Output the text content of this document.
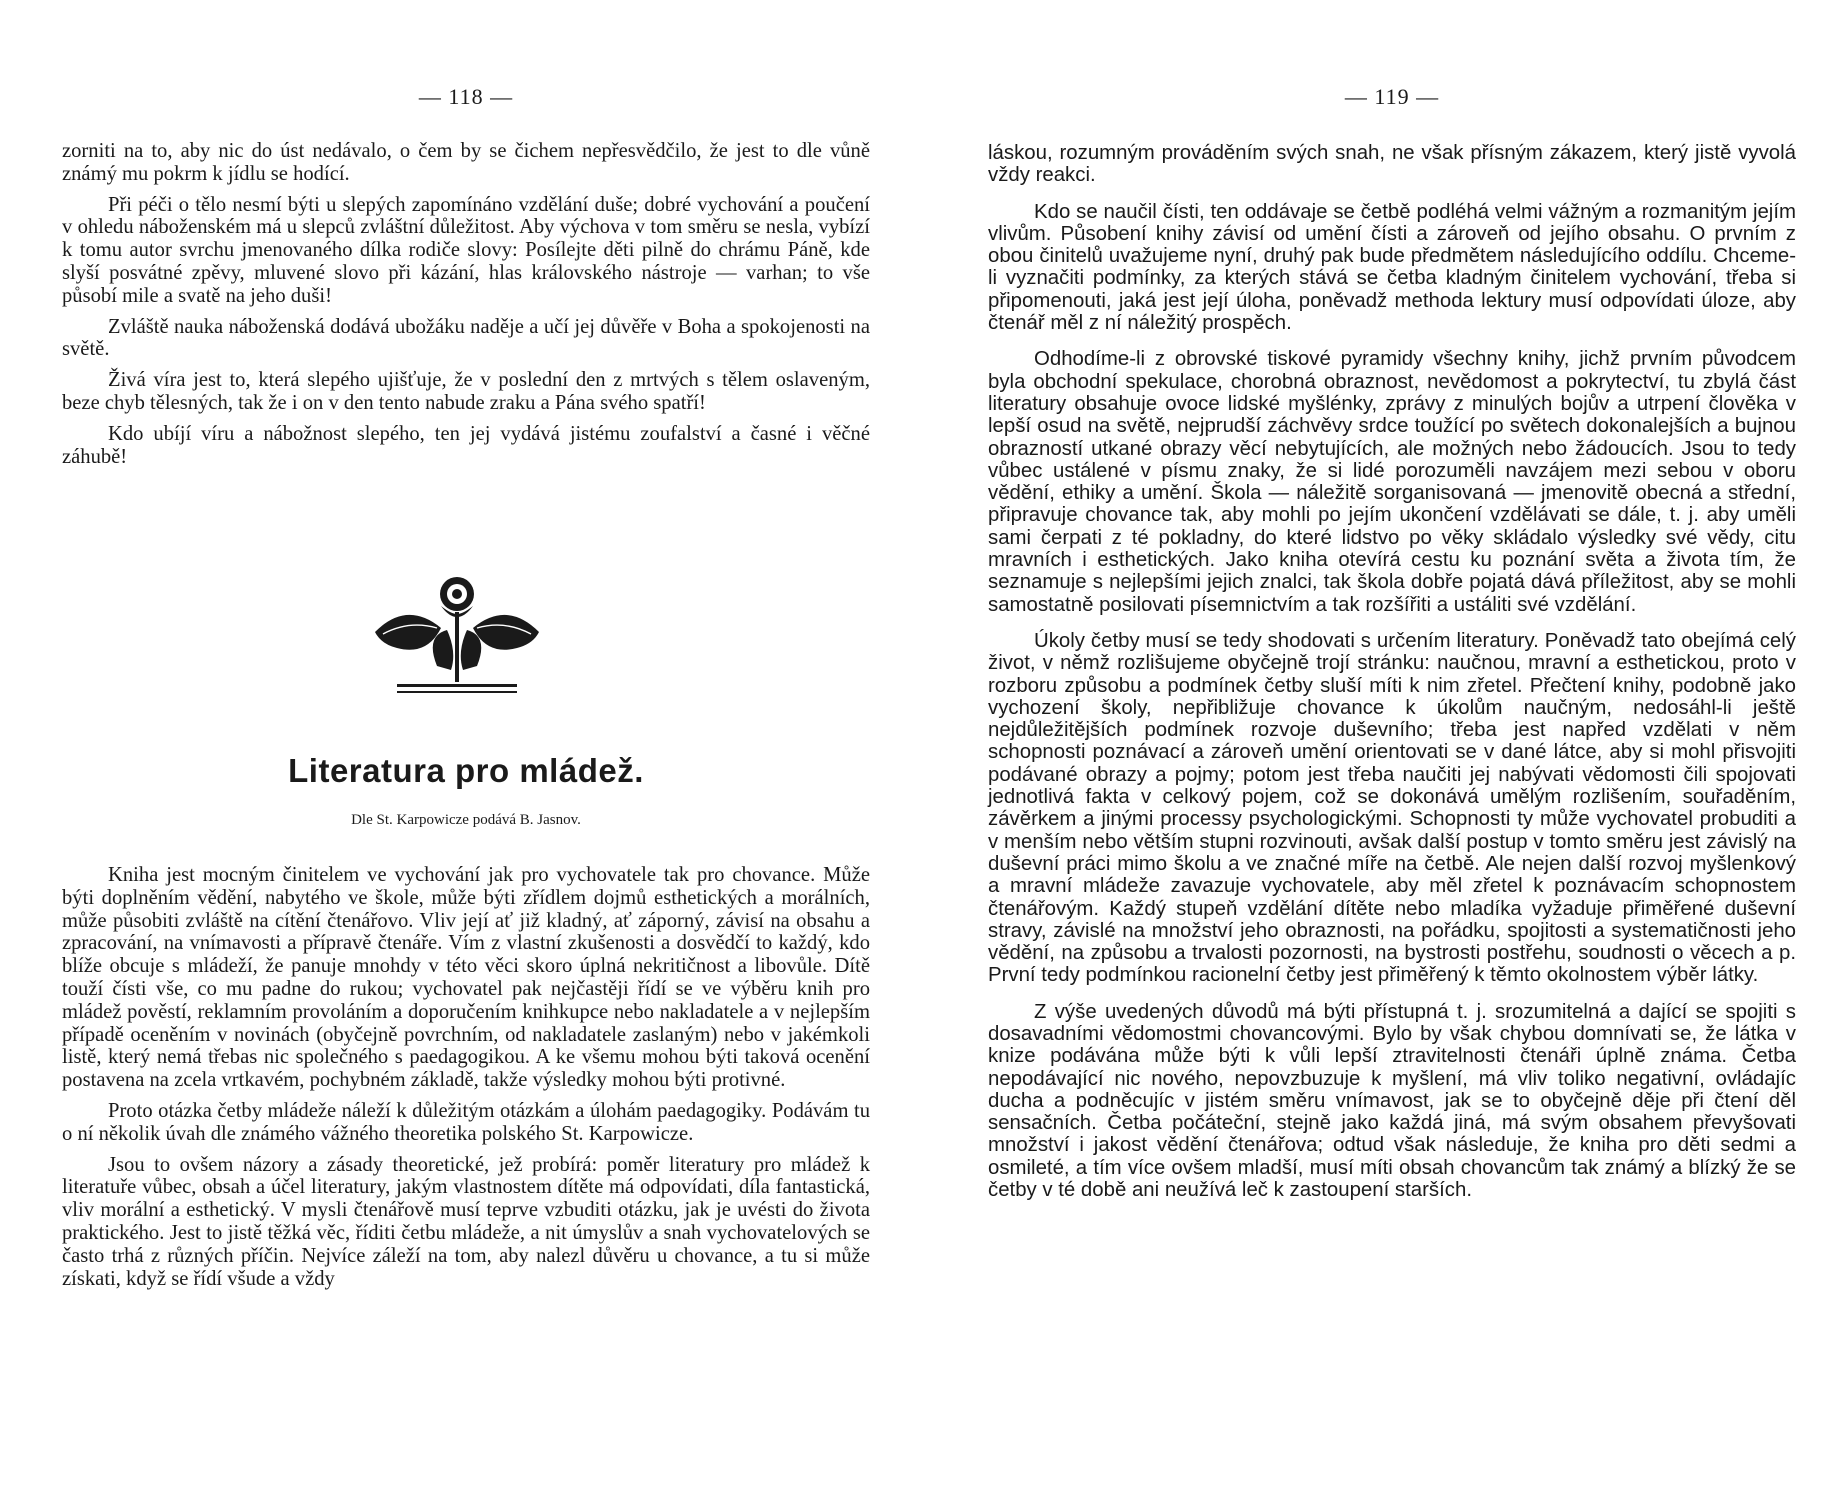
— 118 —

zorniti na to, aby nic do úst nedávalo, o čem by se čichem nepřesvědčilo, že jest to dle vůně známý mu pokrm k jídlu se hodící.

Při péči o tělo nesmí býti u slepých zapomínáno vzdělání duše; dobré vychování a poučení v ohledu náboženském má u slepců zvláštní důležitost. Aby výchova v tom směru se nesla, vybízí k tomu autor svrchu jmenovaného dílka rodiče slovy: Posílejte děti pilně do chrámu Páně, kde slyší posvátné zpěvy, mluvené slovo při kázání, hlas královského nástroje — varhan; to vše působí mile a svatě na jeho duši!

Zvláště nauka náboženská dodává ubožáku naděje a učí jej důvěře v Boha a spokojenosti na světě.

Živá víra jest to, která slepého ujišťuje, že v poslední den z mrtvých s tělem oslaveným, beze chyb tělesných, tak že i on v den tento nabude zraku a Pána svého spatří!

Kdo ubíjí víru a nábožnost slepého, ten jej vydává jistému zoufalství a časné i věčné záhubě!

Literatura pro mládež.
Dle St. Karpowicze podává B. Jasnov.

Kniha jest mocným činitelem ve vychování jak pro vychovatele tak pro chovance. Může býti doplněním vědění, nabytého ve škole, může býti zřídlem dojmů esthetických a morálních, může působiti zvláště na cítění čtenářovo. Vliv její ať již kladný, ať záporný, závisí na obsahu a zpracování, na vnímavosti a přípravě čtenáře. Vím z vlastní zkušenosti a dosvědčí to každý, kdo blíže obcuje s mládeží, že panuje mnohdy v této věci skoro úplná nekritičnost a libovůle. Dítě touží čísti vše, co mu padne do rukou; vychovatel pak nejčastěji řídí se ve výběru knih pro mládež pověstí, reklamním provoláním a doporučením knihkupce nebo nakladatele a v nejlepším případě oceněním v novinách (obyčejně povrchním, od nakladatele zaslaným) nebo v jakémkoli listě, který nemá třebas nic společného s paedagogikou. A ke všemu mohou býti taková ocenění postavena na zcela vrtkavém, pochybném základě, takže výsledky mohou býti protivné.

Proto otázka četby mládeže náleží k důležitým otázkám a úlohám paedagogiky. Podávám tu o ní několik úvah dle známého vážného theoretika polského St. Karpowicze.

Jsou to ovšem názory a zásady theoretické, jež probírá: poměr literatury pro mládež k literatuře vůbec, obsah a účel literatury, jakým vlastnostem dítěte má odpovídati, díla fantastická, vliv morální a esthetický. V mysli čtenářově musí teprve vzbuditi otázku, jak je uvésti do života praktického. Jest to jistě těžká věc, říditi četbu mládeže, a nit úmyslův a snah vychovatelových se často trhá z různých příčin. Nejvíce záleží na tom, aby nalezl důvěru u chovance, a tu si může získati, když se řídí všude a vždy

— 119 —

láskou, rozumným prováděním svých snah, ne však přísným zákazem, který jistě vyvolá vždy reakci.

Kdo se naučil čísti, ten oddávaje se četbě podléhá velmi vážným a rozmanitým jejím vlivům. Působení knihy závisí od umění čísti a zároveň od jejího obsahu. O prvním z obou činitelů uvažujeme nyní, druhý pak bude předmětem následujícího oddílu. Chceme-li vyznačiti podmínky, za kterých stává se četba kladným činitelem vychování, třeba si připomenouti, jaká jest její úloha, poněvadž methoda lektury musí odpovídati úloze, aby čtenář měl z ní náležitý prospěch.

Odhodíme-li z obrovské tiskové pyramidy všechny knihy, jichž prvním původcem byla obchodní spekulace, chorobná obraznost, nevědomost a pokrytectví, tu zbylá část literatury obsahuje ovoce lidské myšlénky, zprávy z minulých bojův a utrpení člověka v lepší osud na světě, nejprudší záchvěvy srdce toužící po světech dokonalejších a bujnou obrazností utkané obrazy věcí nebytujících, ale možných nebo žádoucích. Jsou to tedy vůbec ustálené v písmu znaky, že si lidé porozuměli navzájem mezi sebou v oboru vědění, ethiky a umění. Škola — náležitě sorganisovaná — jmenovitě obecná a střední, připravuje chovance tak, aby mohli po jejím ukončení vzdělávati se dále, t. j. aby uměli sami čerpati z té pokladny, do které lidstvo po věky skládalo výsledky své vědy, citu mravních i esthetických. Jako kniha otevírá cestu ku poznání světa a života tím, že seznamuje s nejlepšími jejich znalci, tak škola dobře pojatá dává příležitost, aby se mohli samostatně posilovati písemnictvím a tak rozšířiti a ustáliti své vzdělání.

Úkoly četby musí se tedy shodovati s určením literatury. Poněvadž tato obejímá celý život, v němž rozlišujeme obyčejně trojí stránku: naučnou, mravní a esthetickou, proto v rozboru způsobu a podmínek četby sluší míti k nim zřetel. Přečtení knihy, podobně jako vychození školy, nepřibližuje chovance k úkolům naučným, nedosáhl-li ještě nejdůležitějších podmínek rozvoje duševního; třeba jest napřed vzdělati v něm schopnosti poznávací a zároveň umění orientovati se v dané látce, aby si mohl přisvojiti podávané obrazy a pojmy; potom jest třeba naučiti jej nabývati vědomosti čili spojovati jednotlivá fakta v celkový pojem, což se dokonává umělým rozlišením, souřaděním, závěrkem a jinými processy psychologickými. Schopnosti ty může vychovatel probuditi a v menším nebo větším stupni rozvinouti, avšak další postup v tomto směru jest závislý na duševní práci mimo školu a ve značné míře na četbě. Ale nejen další rozvoj myšlenkový a mravní mládeže zavazuje vychovatele, aby měl zřetel k poznávacím schopnostem čtenářovým. Každý stupeň vzdělání dítěte nebo mladíka vyžaduje přiměřené duševní stravy, závislé na množství jeho obraznosti, na pořádku, spojitosti a systematičnosti jeho vědění, na způsobu a trvalosti pozornosti, na bystrosti postřehu, soudnosti o věcech a p. První tedy podmínkou racionelní četby jest přiměřený k těmto okolnostem výběr látky.

Z výše uvedených důvodů má býti přístupná t. j. srozumitelná a dající se spojiti s dosavadními vědomostmi chovancovými. Bylo by však chybou domnívati se, že látka v knize podávána může býti k vůli lepší ztravitelnosti čtenáři úplně známa. Četba nepodávající nic nového, nepovzbuzuje k myšlení, má vliv toliko negativní, ovládajíc ducha a podněcujíc v jistém směru vnímavost, jak se to obyčejně děje při čtení děl sensačních. Četba počáteční, stejně jako každá jiná, má svým obsahem převyšovati množství i jakost vědění čtenářova; odtud však následuje, že kniha pro děti sedmi a osmileté, a tím více ovšem mladší, musí míti obsah chovancům tak známý a blízký že se četby v té době ani neužívá leč k zastoupení starších.
